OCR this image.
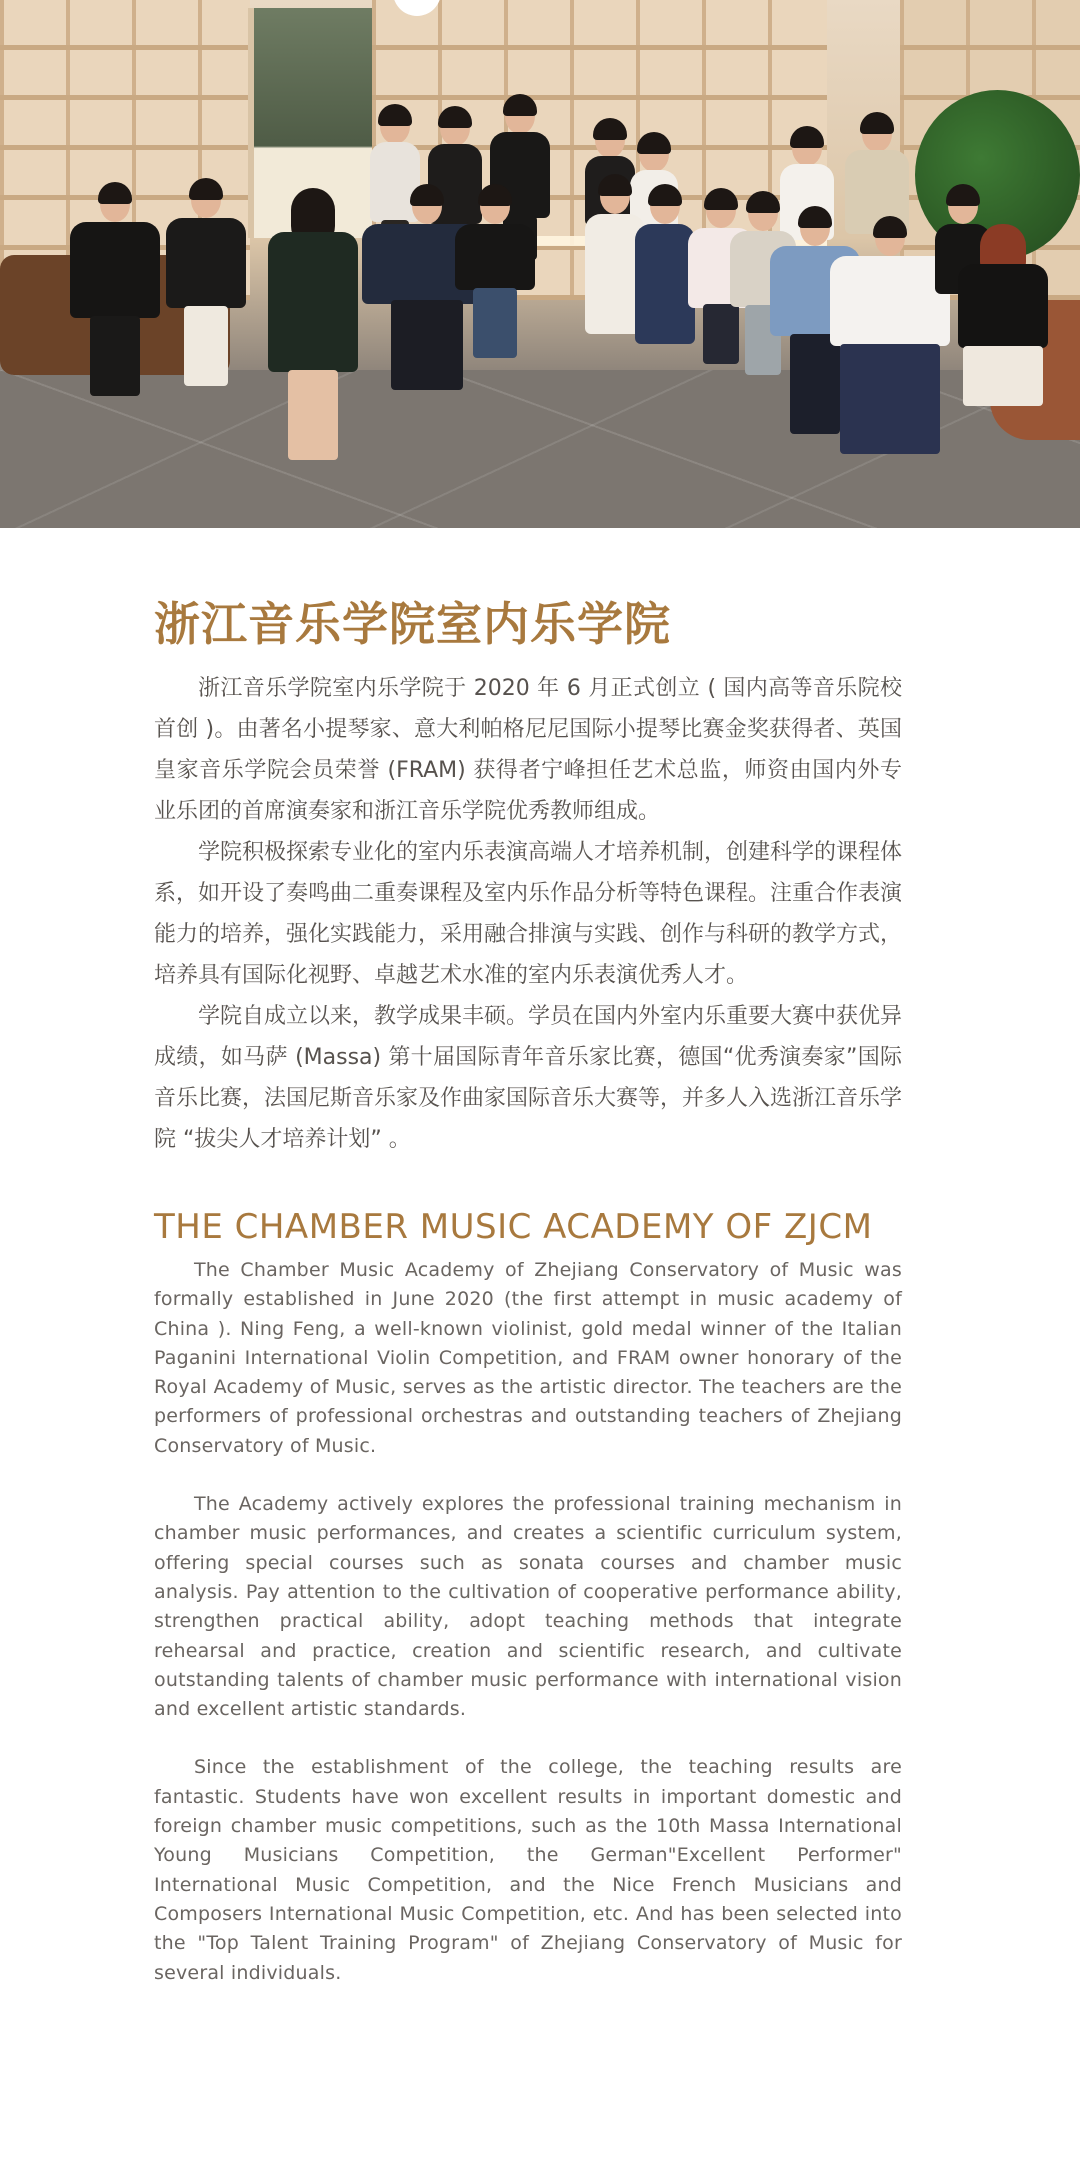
浙江音乐学院室内乐学院

浙江音乐学院室内乐学院于 2020 年 6 月正式创立 ( 国内高等音乐院校首创 )。由著名小提琴家、意大利帕格尼尼国际小提琴比赛金奖获得者、英国皇家音乐学院会员荣誉 (FRAM) 获得者宁峰担任艺术总监，师资由国内外专业乐团的首席演奏家和浙江音乐学院优秀教师组成。

学院积极探索专业化的室内乐表演高端人才培养机制，创建科学的课程体系，如开设了奏鸣曲二重奏课程及室内乐作品分析等特色课程。注重合作表演能力的培养，强化实践能力，采用融合排演与实践、创作与科研的教学方式，培养具有国际化视野、卓越艺术水准的室内乐表演优秀人才。

学院自成立以来，教学成果丰硕。学员在国内外室内乐重要大赛中获优异成绩，如马萨 (Massa) 第十届国际青年音乐家比赛，德国“优秀演奏家”国际音乐比赛，法国尼斯音乐家及作曲家国际音乐大赛等，并多人入选浙江音乐学院 “拔尖人才培养计划” 。

THE CHAMBER MUSIC ACADEMY OF ZJCM

The Chamber Music Academy of Zhejiang Conservatory of Music was formally established in June 2020 (the first attempt in music academy of China ). Ning Feng, a well-known violinist, gold medal winner of the Italian Paganini International Violin Competition, and FRAM owner honorary of the Royal Academy of Music, serves as the artistic director. The teachers are the performers of professional orchestras and outstanding teachers of Zhejiang Conservatory of Music.

The Academy actively explores the professional training mechanism in chamber music performances, and creates a scientific curriculum system, offering special courses such as sonata courses and chamber music analysis. Pay attention to the cultivation of cooperative performance ability, strengthen practical ability, adopt teaching methods that integrate rehearsal and practice, creation and scientific research, and cultivate outstanding talents of chamber music performance with international vision and excellent artistic standards.

Since the establishment of the college, the teaching results are fantastic. Students have won excellent results in important domestic and foreign chamber music competitions, such as the 10th Massa International Young Musicians Competition, the German"Excellent Performer" International Music Competition, and the Nice French Musicians and Composers International Music Competition, etc. And has been selected into the "Top Talent Training Program" of Zhejiang Conservatory of Music for several individuals.
